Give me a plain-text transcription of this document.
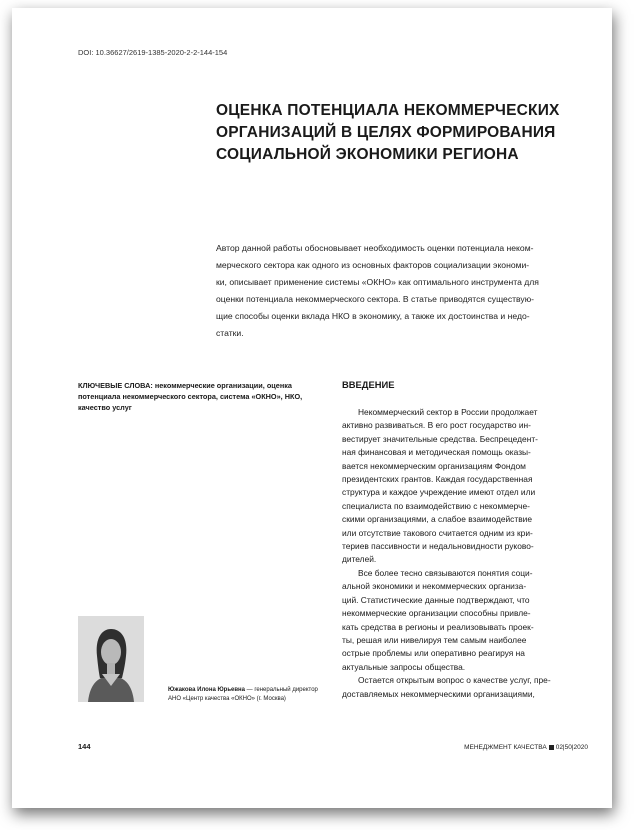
DOI: 10.36627/2619-1385-2020-2-2-144-154
ОЦЕНКА ПОТЕНЦИАЛА НЕКОММЕРЧЕСКИХ
ОРГАНИЗАЦИЙ В ЦЕЛЯХ ФОРМИРОВАНИЯ
СОЦИАЛЬНОЙ ЭКОНОМИКИ РЕГИОНА
Автор данной работы обосновывает необходимость оценки потенциала неком-
мерческого сектора как одного из основных факторов социализации экономи-
ки, описывает применение системы «ОКНО» как оптимального инструмента для
оценки потенциала некоммерческого сектора. В статье приводятся существую-
щие способы оценки вклада НКО в экономику, а также их достоинства и недо-
статки.
КЛЮЧЕВЫЕ СЛОВА: некоммерческие организации, оценка
потенциала некоммерческого сектора, система «ОКНО», НКО,
качество услуг
Южакова Илона Юрьевна — генеральный директор
АНО «Центр качества «ОКНО» (г. Москва)
ВВЕДЕНИЕ
Некоммерческий сектор в России продолжает
активно развиваться. В его рост государство ин-
вестирует значительные средства. Беспрецедент-
ная финансовая и методическая помощь оказы-
вается некоммерческим организациям Фондом
президентских грантов. Каждая государственная
структура и каждое учреждение имеют отдел или
специалиста по взаимодействию с некоммерче-
скими организациями, а слабое взаимодействие
или отсутствие такового считается одним из кри-
териев пассивности и недальновидности руково-
дителей.
Все более тесно связываются понятия соци-
альной экономики и некоммерческих организа-
ций. Статистические данные подтверждают, что
некоммерческие организации способны привле-
кать средства в регионы и реализовывать проек-
ты, решая или нивелируя тем самым наиболее
острые проблемы или оперативно реагируя на
актуальные запросы общества.
Остается открытым вопрос о качестве услуг, пре-
доставляемых некоммерческими организациями,
144	МЕНЕДЖМЕНТ КАЧЕСТВА 02|50|2020
